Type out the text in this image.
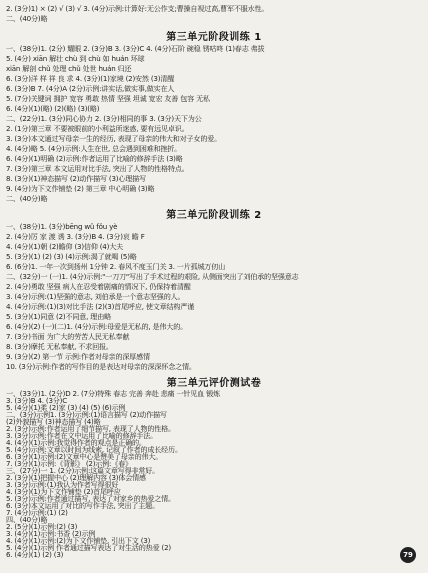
2. (3分)1) × (2) √ (3) √ 3. (4分)示例:计算好:无公作支;曹操自视过高,曹军不服水性。
二、(40分)略
第三单元阶段训练 1
一、(38分)1. (2分) 耀眼 2. (3分)B 3. (3分)C 4. (4分)石阶 碗稳 锈咕咚 (1)春志 弗拔
5. (4分) xiān 解壮 chù 到 chù 如 huán 环球
xiān 解剖 chǔ 处理 chǔ 处世 huán 归还
6. (3分)洋 样 祥 良 求 4. (3分)(1)家境 (2)安然 (3)清醒
6. (3分)B 7. (4分)A (2分)示例:讲实话,做实事,做实在人
5. (7分)关键词 拥护 宽容 勇敢 热情 坚强 坦诚 宽宏 友善 包容 无私
6. (4分)(1)(略) (2)(略) (3)(略)
二、(22分)1. (3分)同心协力 2. (3分)相同的事 3. (3分)天下为公
2. (1分)第三章 不要被眼前的小利益所迷惑, 要有远见卓识。
3. (3分)本文通过写母亲一生的经历, 表现了母亲的伟大和对子女的爱。
4. (4分)略 5. (4分)示例:人生在世, 总会遇到困难和挫折。
6. (4分)(1)明确 (2)示例:作者运用了比喻的修辞手法 (3)略
7. (3分)第三章 本文运用对比手法, 突出了人物的性格特点。
8. (3分)(1)神态描写 (2)动作描写 (3)心理描写
9. (4分)为下文作铺垫 (2) 第三章 中心明确 (3)略
二、(40分)略
第三单元阶段训练 2
一、(38分)1. (3分)bēng wǔ fǒu yè
2. (4分)厉 家 渡 诱 3. (3分)B 4. (3分)哀 瞻 F
4. (4分)(1)朝 (2)瞻仰 (3)信仰 (4)大夫
5. (3分)(1) (2) (3) (4)示例:渴了就喝 (5)略
6. (6分)1. 一年一次到扬州 1分钟 2. 春风不度玉门关 3. 一片孤城万仞山
二、(32分)一 (一)1. (4分)示例:"一刀刀"写出了手术过程的艰险, 从侧面突出了刘伯承的坚强意志
2. (4分)勇敢 坚强 病人在忍受着剧痛的情况下, 仍保持着清醒
3. (4分)示例:(1)坚强的意志, 刘伯承是一个意志坚强的人。
4. (4分)示例:(1)(3)对比手法 (2)(3)首尾呼应, 使文章结构严谨
5. (3分)(1)同意 (2)不同意, 理由略
6. (4分)(2) (一)(二)1. (4分)示例:母爱是无私的, 是伟大的。
7. (3分)书面 为广大的劳苦人民无私奉献
8. (3分)摩托 无私奉献, 不求回报。
9. (3分)(2) 第一节 示例:作者对母亲的深厚感情
10. (3分)示例:作者的写作目的是表达对母亲的深深怀念之情。
第三单元评价测试卷
一、(33分)1. (2分)D 2. (7分)特殊 春志 完善 奔赴 悲痛 一针见血 锻炼
3. (3分)B 4. (3分)C
5. (4分)(1)柔 (2)家 (3) (4) (5) (6)示例
二、(3分)示例1. (3分)示例:(1)语言描写 (2)动作描写
(2)外貌描写 (3)神态描写 (4)略
2. (3分)示例:作者运用了细节描写, 表现了人物的性格。
3. (3分)示例:作者在文中运用了比喻的修辞手法。
4. (4分)(1)示例:我觉得作者的观点是正确的。
5. (4分)示例:文章以时间为线索, 记叙了作者的成长经历。
6. (3分)(1)示例:(2)文章中心是赞美了母亲的伟大。
7. (3分)(1)示例:《背影》 (2)示例:《春》
三、(27分)一 1. (2分)示例:这篇文章写得非常好。
2. (3分)(1)把握中心 (2)理解内容 (3)体会情感
3. (3分)示例:(1)我认为作者写得很好
4. (3分)(1)为下文作铺垫 (2)首尾呼应
5. (3分)示例:作者通过描写, 表达了对家乡的热爱之情。
6. (3分)本文运用了对比的写作手法, 突出了主题。
7. (4分)示例:(1) (2)
四、(40分)略
2. (5分)(1)示例:(2) (3)
3. (4分)(1)示例:书香 (2)示例
4. (4分)(1)示例:(2)为下文作铺垫, 引出下文 (3)
5. (4分)(1)示例 作者通过描写表达了对生活的热爱 (2)
6. (4分)(1) (2) (3)	79
